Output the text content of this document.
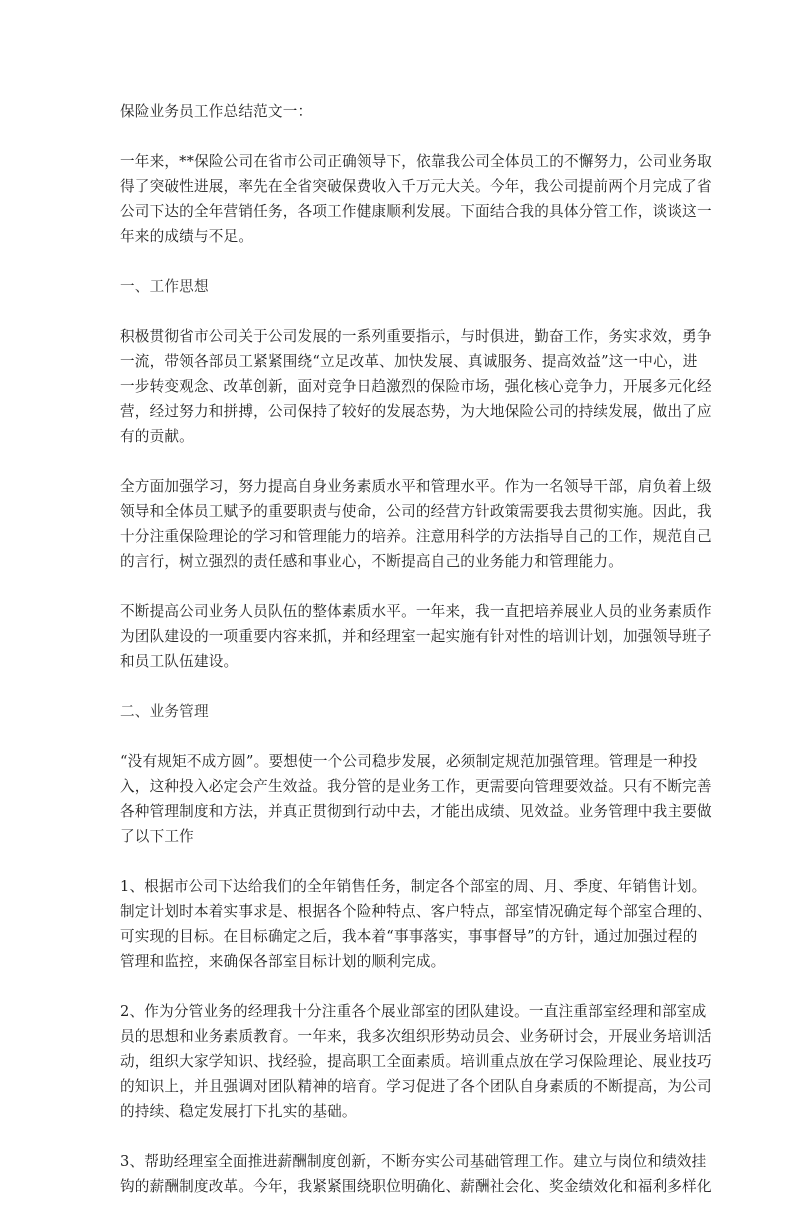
保险业务员工作总结范文一：
一年来，**保险公司在省市公司正确领导下，依靠我公司全体员工的不懈努力，公司业务取
得了突破性进展，率先在全省突破保费收入千万元大关。今年，我公司提前两个月完成了省
公司下达的全年营销任务，各项工作健康顺利发展。下面结合我的具体分管工作，谈谈这一
年来的成绩与不足。
一、工作思想
积极贯彻省市公司关于公司发展的一系列重要指示，与时俱进，勤奋工作，务实求效，勇争
一流，带领各部员工紧紧围绕“立足改革、加快发展、真诚服务、提高效益”这一中心，进
一步转变观念、改革创新，面对竞争日趋激烈的保险市场，强化核心竞争力，开展多元化经
营，经过努力和拼搏，公司保持了较好的发展态势，为大地保险公司的持续发展，做出了应
有的贡献。
全方面加强学习，努力提高自身业务素质水平和管理水平。作为一名领导干部，肩负着上级
领导和全体员工赋予的重要职责与使命，公司的经营方针政策需要我去贯彻实施。因此，我
十分注重保险理论的学习和管理能力的培养。注意用科学的方法指导自己的工作，规范自己
的言行，树立强烈的责任感和事业心，不断提高自己的业务能力和管理能力。
不断提高公司业务人员队伍的整体素质水平。一年来，我一直把培养展业人员的业务素质作
为团队建设的一项重要内容来抓，并和经理室一起实施有针对性的培训计划，加强领导班子
和员工队伍建设。
二、业务管理
“没有规矩不成方圆”。要想使一个公司稳步发展，必须制定规范加强管理。管理是一种投
入，这种投入必定会产生效益。我分管的是业务工作，更需要向管理要效益。只有不断完善
各种管理制度和方法，并真正贯彻到行动中去，才能出成绩、见效益。业务管理中我主要做
了以下工作
1、根据市公司下达给我们的全年销售任务，制定各个部室的周、月、季度、年销售计划。
制定计划时本着实事求是、根据各个险种特点、客户特点，部室情况确定每个部室合理的、
可实现的目标。在目标确定之后，我本着“事事落实，事事督导”的方针，通过加强过程的
管理和监控，来确保各部室目标计划的顺利完成。
2、作为分管业务的经理我十分注重各个展业部室的团队建设。一直注重部室经理和部室成
员的思想和业务素质教育。一年来，我多次组织形势动员会、业务研讨会，开展业务培训活
动，组织大家学知识、找经验，提高职工全面素质。培训重点放在学习保险理论、展业技巧
的知识上，并且强调对团队精神的培育。学习促进了各个团队自身素质的不断提高，为公司
的持续、稳定发展打下扎实的基础。
3、帮助经理室全面推进薪酬制度创新，不断夯实公司基础管理工作。建立与岗位和绩效挂
钩的薪酬制度改革。今年，我紧紧围绕职位明确化、薪酬社会化、奖金绩效化和福利多样化
